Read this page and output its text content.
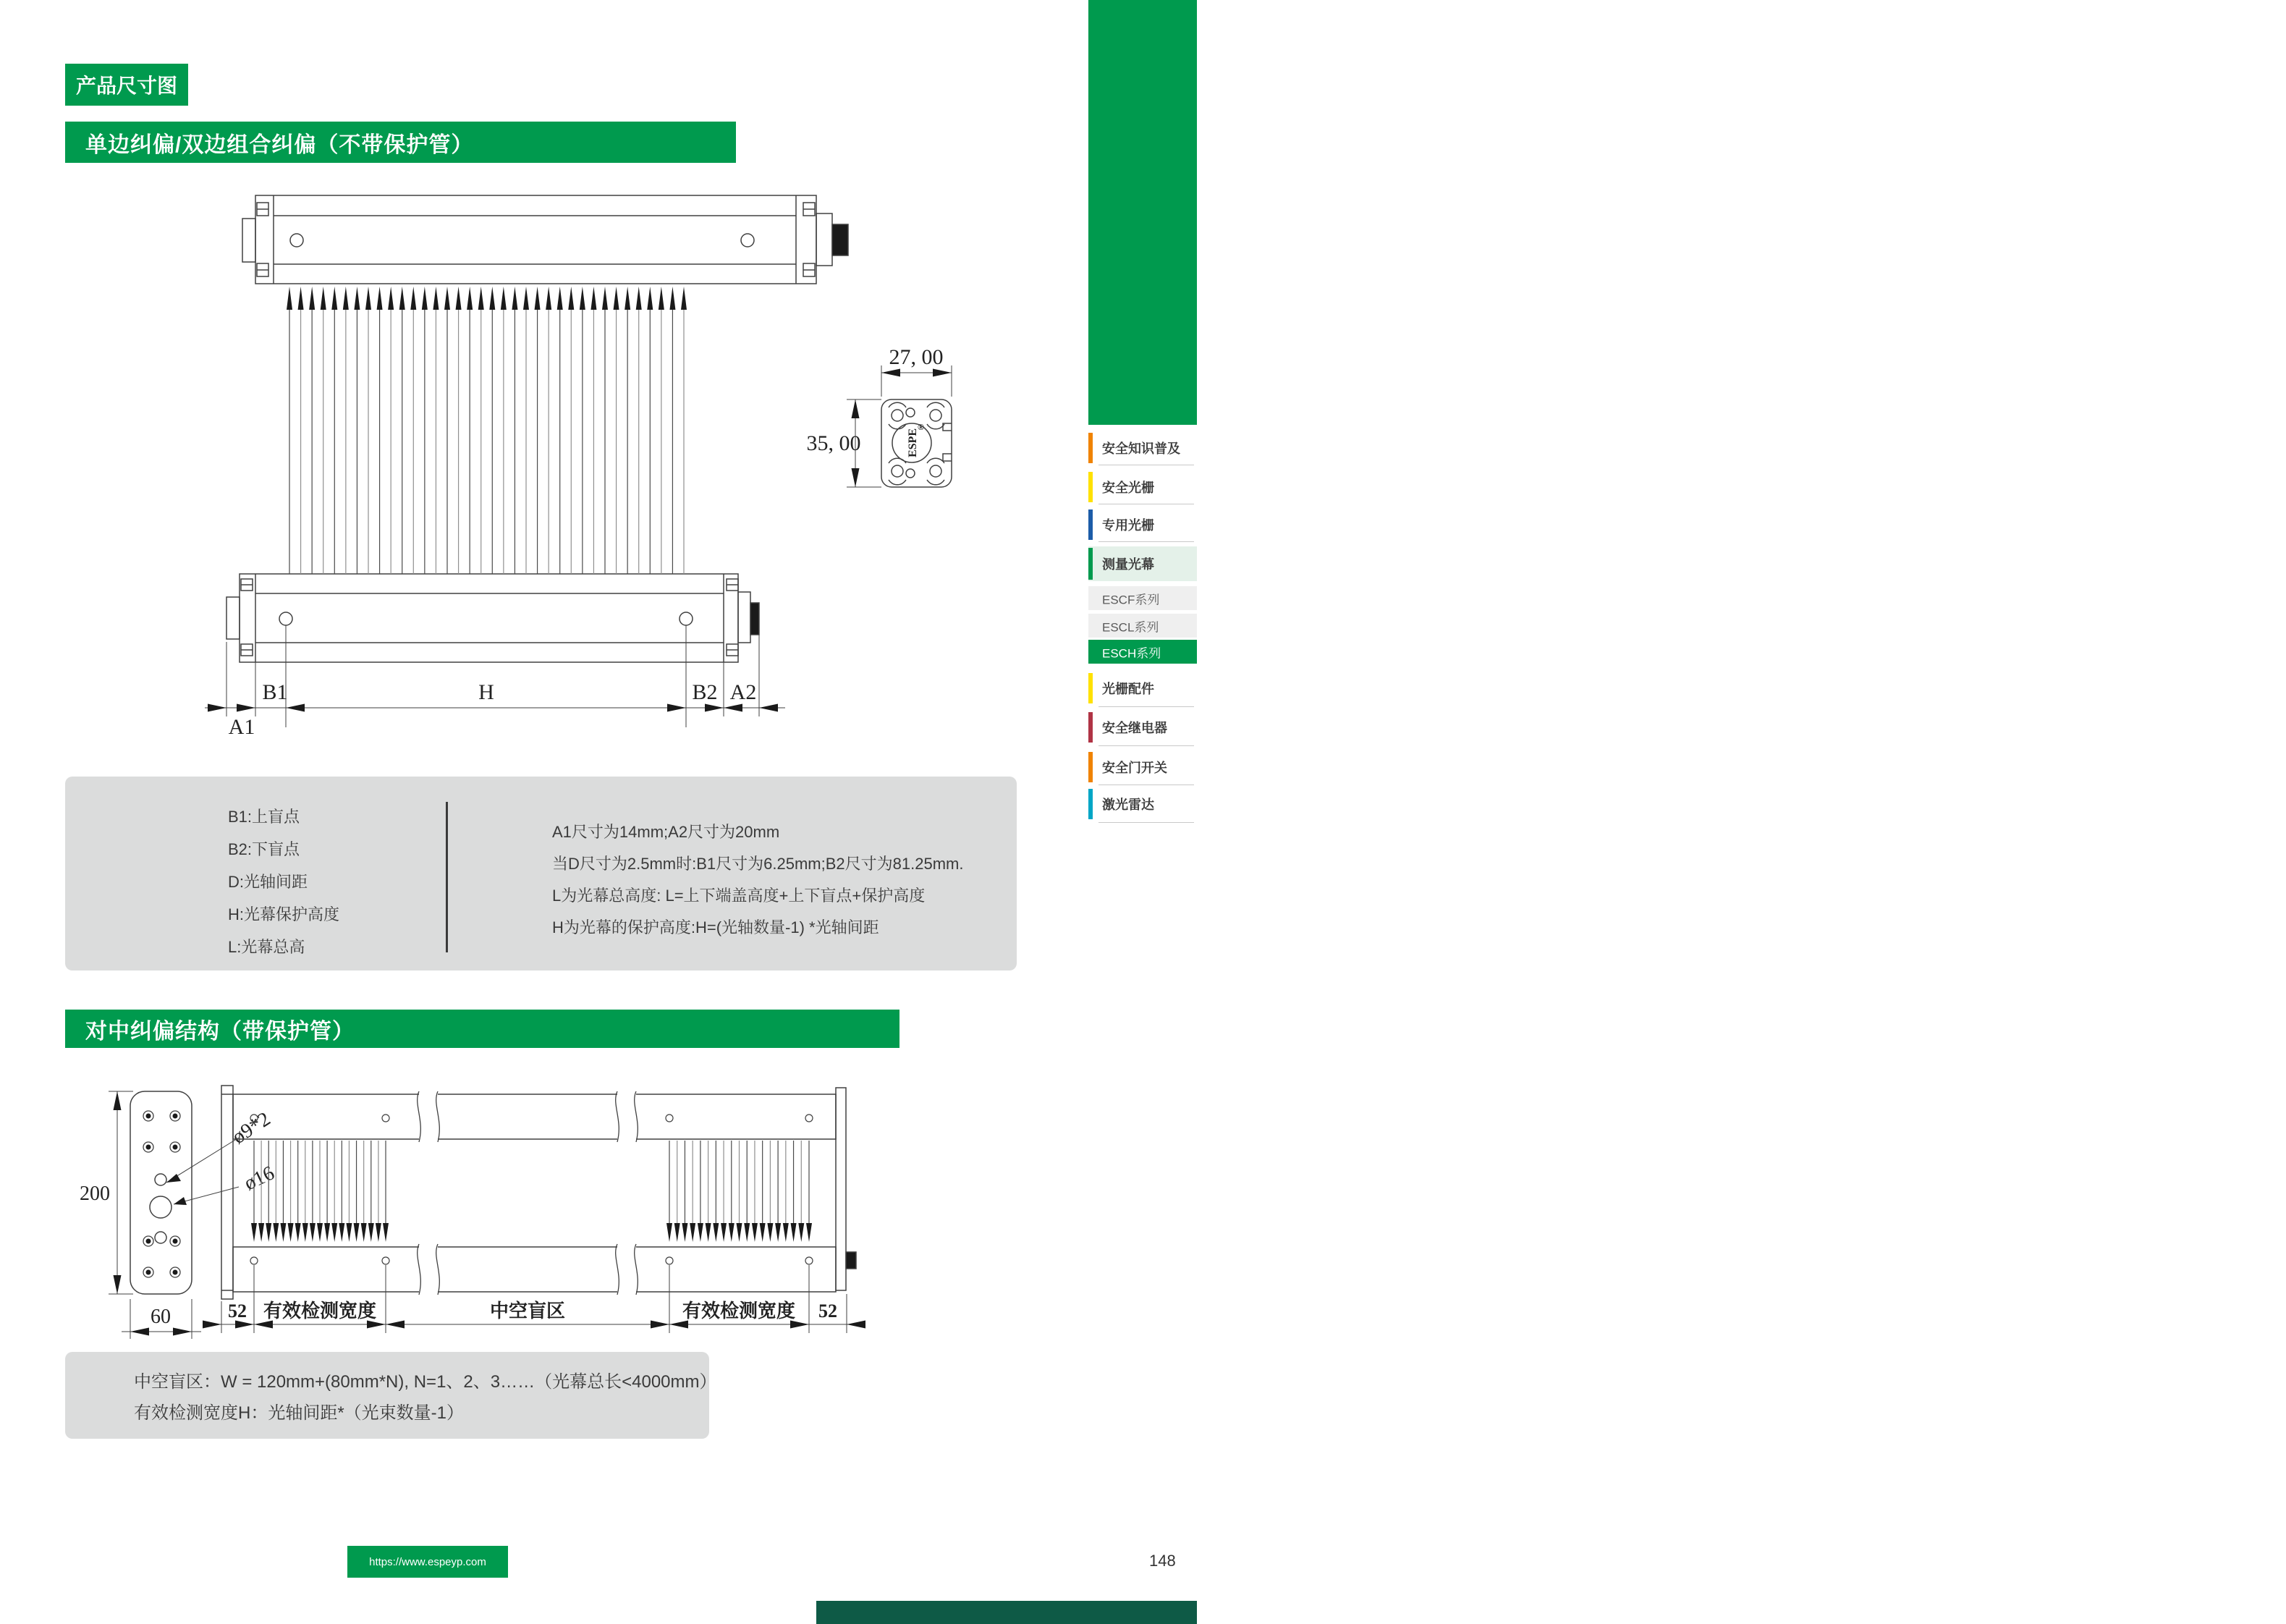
产品尺寸图
单边纠偏/双边组合纠偏（不带保护管）
B1	H	B2 A2
A1
ESPE
®
27, 00
35, 00
200
60
ø9*2
ø16
52 有效检测宽度	中空盲区	有效检测宽度 52
B1:上盲点
B2:下盲点
D:光轴间距
H:光幕保护高度
L:光幕总高
A1尺寸为14mm;A2尺寸为20mm
当D尺寸为2.5mm时:B1尺寸为6.25mm;B2尺寸为81.25mm.
L为光幕总高度: L=上下端盖高度+上下盲点+保护高度
H为光幕的保护高度:H=(光轴数量-1) *光轴间距
对中纠偏结构（带保护管）
中空盲区：W = 120mm+(80mm*N), N=1、2、3……（光幕总长<4000mm）
有效检测宽度H：光轴间距*（光束数量-1）
测
量
光
幕
安全知识普及
安全光栅
专用光栅
测量光幕
ESCF系列
ESCL系列
ESCH系列
光栅配件
安全继电器
安全门开关
激光雷达
https://www.espeyp.com	148
